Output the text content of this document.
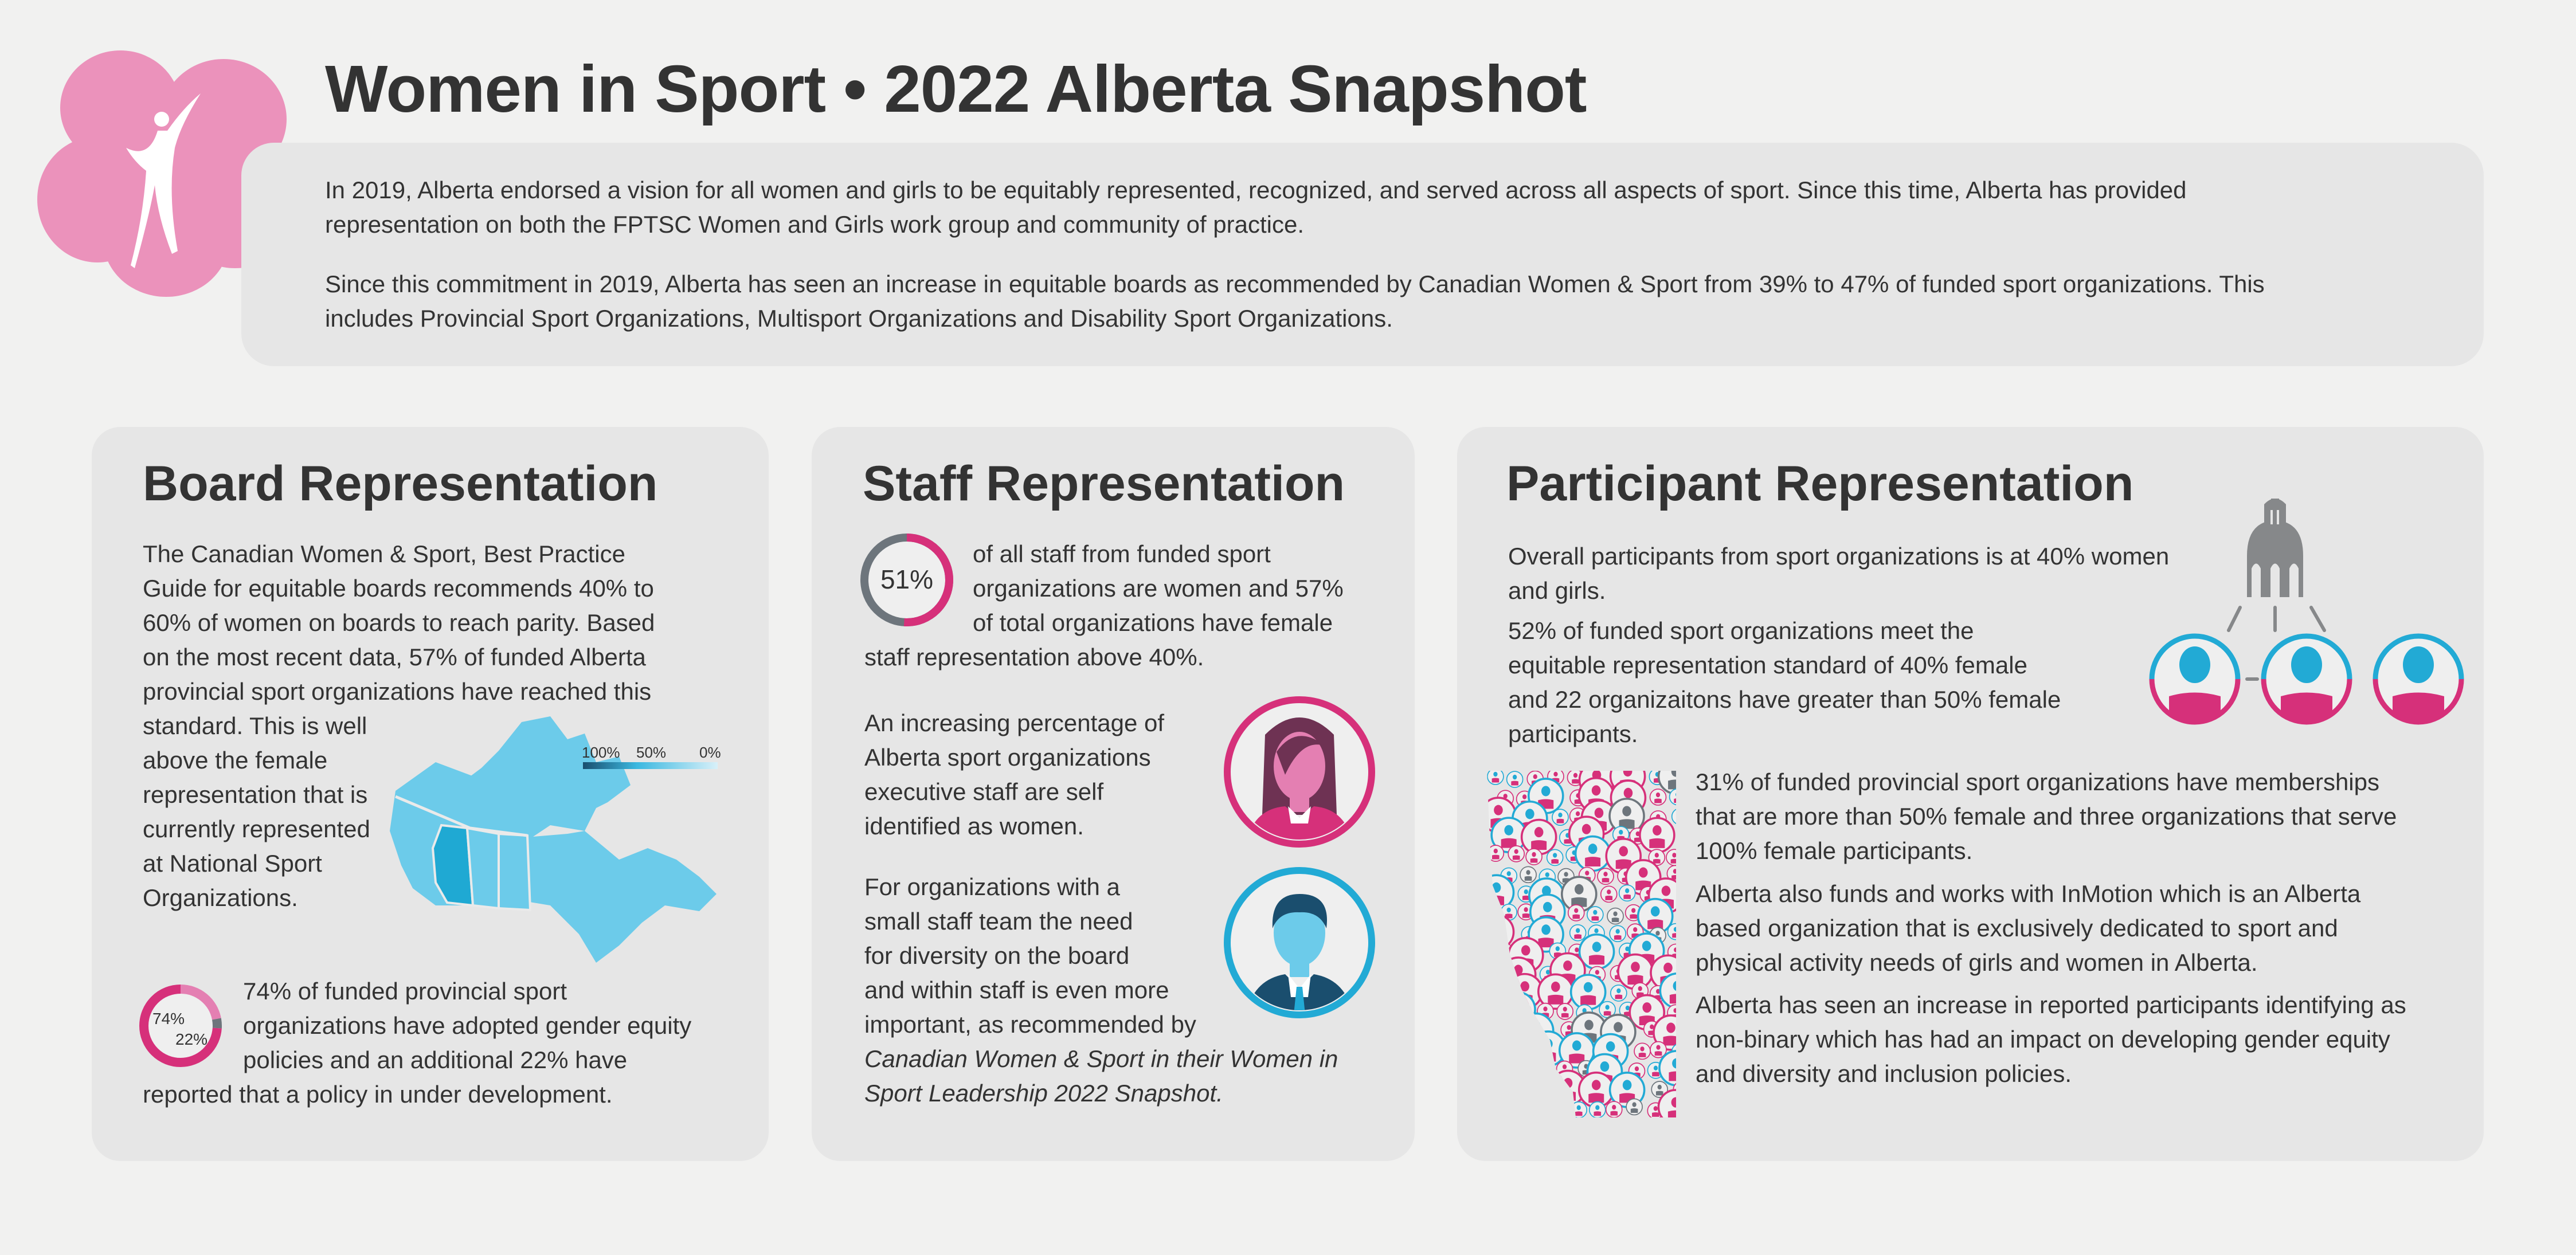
Women in Sport • 2022 Alberta Snapshot
In 2019, Alberta endorsed a vision for all women and girls to be equitably represented, recognized, and served across all aspects of sport. Since this time, Alberta has provided
representation on both the FPTSC Women and Girls work group and community of practice.
Since this commitment in 2019, Alberta has seen an increase in equitable boards as recommended by Canadian Women & Sport from 39% to 47% of funded sport organizations. This
includes Provincial Sport Organizations, Multisport Organizations and Disability Sport Organizations.
Board Representation
The Canadian Women & Sport, Best Practice
Guide for equitable boards recommends 40% to
60% of women on boards to reach parity. Based
on the most recent data, 57% of funded Alberta
provincial sport organizations have reached this
standard. This is well
above the female
representation that is
currently represented
at National Sport
Organizations.
100% 50% 0%
74%
22%
74% of funded provincial sport
organizations have adopted gender equity
policies and an additional 22% have
reported that a policy in under development.
Staff Representation
51%
of all staff from funded sport
organizations are women and 57%
of total organizations have female
staff representation above 40%.
An increasing percentage of
Alberta sport organizations
executive staff are self
identified as women.
For organizations with a
small staff team the need
for diversity on the board
and within staff is even more
important, as recommended by
Canadian Women & Sport in their Women in
Sport Leadership 2022 Snapshot.
Participant Representation
Overall participants from sport organizations is at 40% women
and girls.
52% of funded sport organizations meet the
equitable representation standard of 40% female
and 22 organizaitons have greater than 50% female
participants.
31% of funded provincial sport organizations have memberships
that are more than 50% female and three organizations that serve
100% female participants.
Alberta also funds and works with InMotion which is an Alberta
based organization that is exclusively dedicated to sport and
physical activity needs of girls and women in Alberta.
Alberta has seen an increase in reported participants identifying as
non-binary which has had an impact on developing gender equity
and diversity and inclusion policies.
